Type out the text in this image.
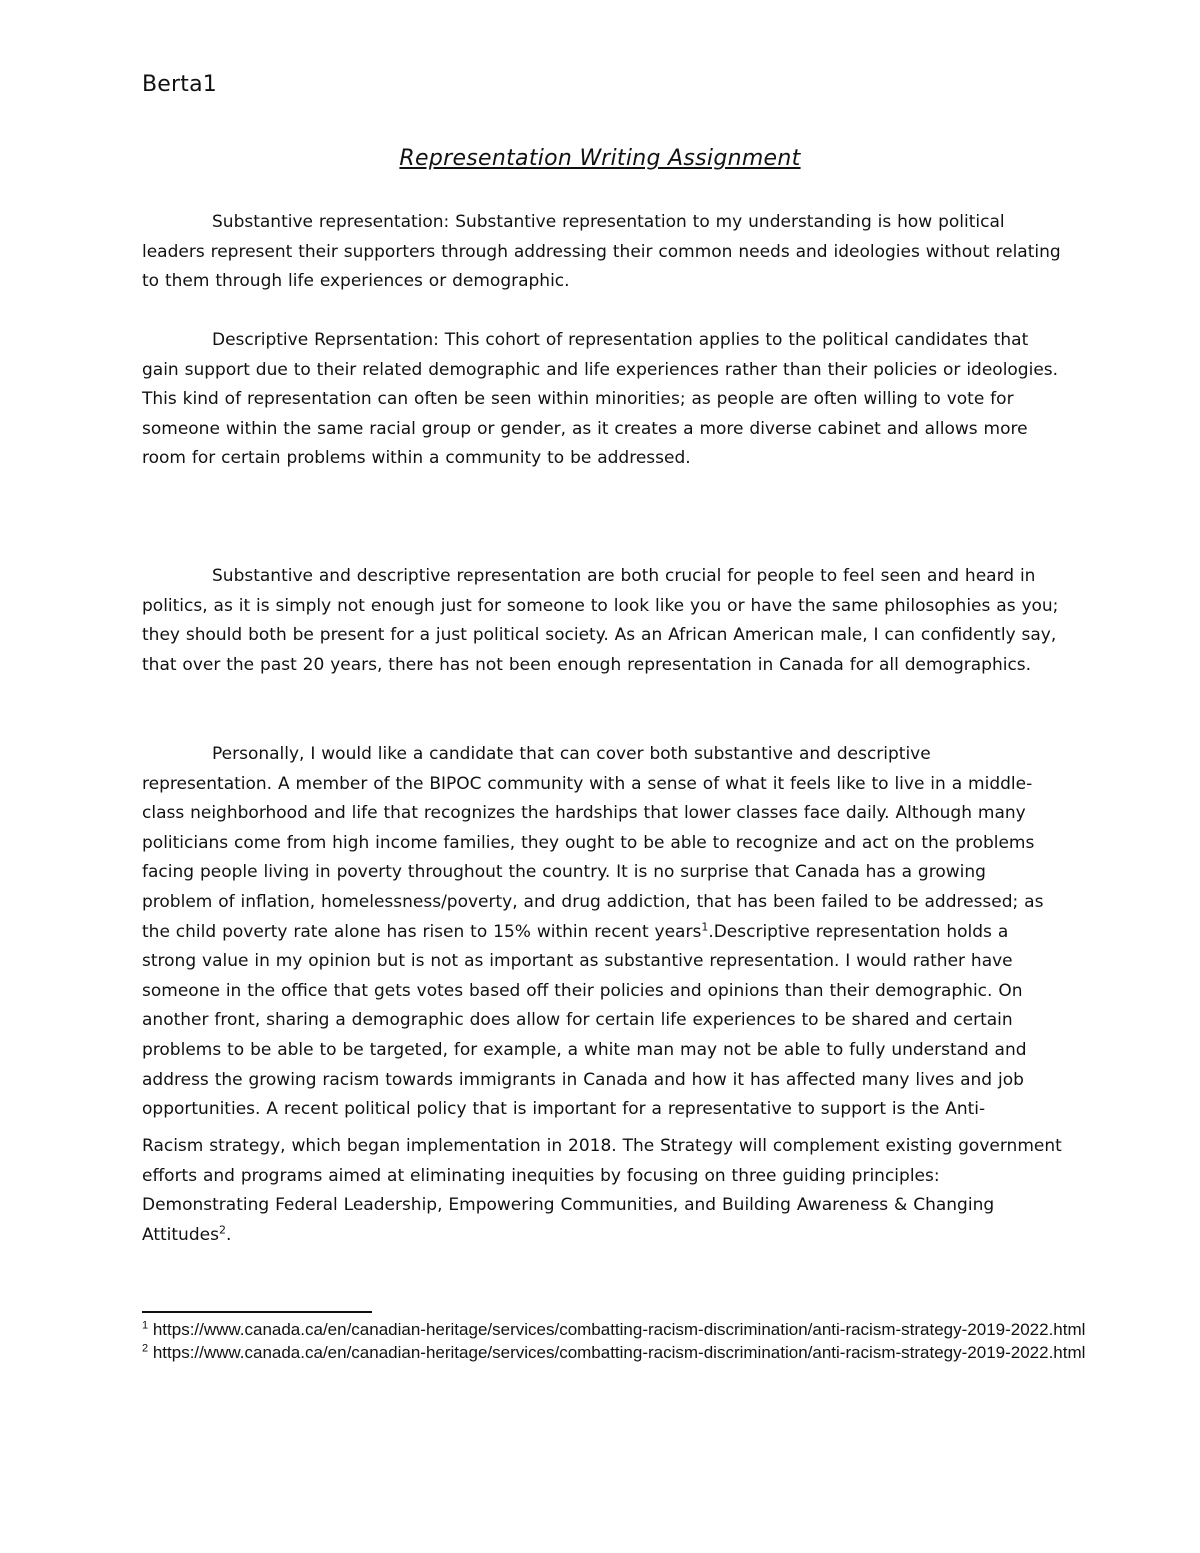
Berta1
Representation Writing Assignment

Substantive representation: Substantive representation to my understanding is how political leaders represent their supporters through addressing their common needs and ideologies without relating to them through life experiences or demographic.

Descriptive Reprsentation: This cohort of representation applies to the political candidates that gain support due to their related demographic and life experiences rather than their policies or ideologies. This kind of representation can often be seen within minorities; as people are often willing to vote for someone within the same racial group or gender, as it creates a more diverse cabinet and allows more room for certain problems within a community to be addressed.

Substantive and descriptive representation are both crucial for people to feel seen and heard in politics, as it is simply not enough just for someone to look like you or have the same philosophies as you; they should both be present for a just political society. As an African American male, I can confidently say, that over the past 20 years, there has not been enough representation in Canada for all demographics.

Personally, I would like a candidate that can cover both substantive and descriptive representation. A member of the BIPOC community with a sense of what it feels like to live in a middle-class neighborhood and life that recognizes the hardships that lower classes face daily. Although many politicians come from high income families, they ought to be able to recognize and act on the problems facing people living in poverty throughout the country. It is no surprise that Canada has a growing problem of inflation, homelessness/poverty, and drug addiction, that has been failed to be addressed; as the child poverty rate alone has risen to 15% within recent years$^1$.Descriptive representation holds a strong value in my opinion but is not as important as substantive representation. I would rather have someone in the office that gets votes based off their policies and opinions than their demographic. On another front, sharing a demographic does allow for certain life experiences to be shared and certain problems to be able to be targeted, for example, a white man may not be able to fully understand and address the growing racism towards immigrants in Canada and how it has affected many lives and job opportunities. A recent political policy that is important for a representative to support is the Anti-

Racism strategy, which began implementation in 2018. The Strategy will complement existing government efforts and programs aimed at eliminating inequities by focusing on three guiding principles: Demonstrating Federal Leadership, Empowering Communities, and Building Awareness & Changing Attitudes$^2$.

$^1$ https://www.canada.ca/en/canadian-heritage/services/combatting-racism-discrimination/anti-racism-strategy-2019-2022.html

$^2$ https://www.canada.ca/en/canadian-heritage/services/combatting-racism-discrimination/anti-racism-strategy-2019-2022.html
